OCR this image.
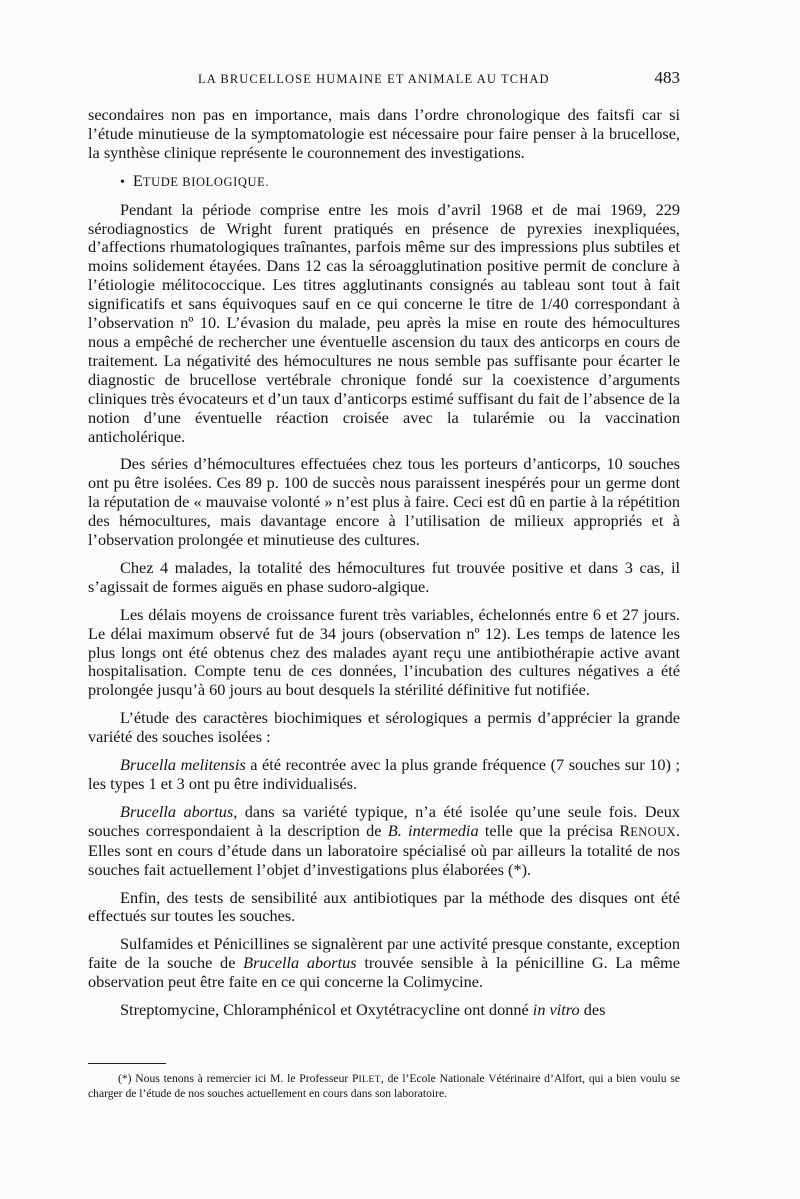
LA BRUCELLOSE HUMAINE ET ANIMALE AU TCHAD	483

secondaires non pas en importance, mais dans l’ordre chronologique des faitsfi car si l’étude minutieuse de la symptomatologie est nécessaire pour faire penser à la brucellose, la synthèse clinique représente le couronnement des investigations.

• ETUDE BIOLOGIQUE.

Pendant la période comprise entre les mois d’avril 1968 et de mai 1969, 229 sérodiagnostics de Wright furent pratiqués en présence de pyrexies inexpliquées, d’affections rhumatologiques traînantes, parfois même sur des impressions plus subtiles et moins solidement étayées. Dans 12 cas la séroagglutination positive permit de conclure à l’étiologie mélitococcique. Les titres agglutinants consignés au tableau sont tout à fait significatifs et sans équivoques sauf en ce qui concerne le titre de 1/40 correspondant à l’observation nº 10. L’évasion du malade, peu après la mise en route des hémocultures nous a empêché de rechercher une éventuelle ascension du taux des anticorps en cours de traitement. La négativité des hémocultures ne nous semble pas suffisante pour écarter le diagnostic de brucellose vertébrale chronique fondé sur la coexistence d’arguments cliniques très évocateurs et d’un taux d’anticorps estimé suffisant du fait de l’absence de la notion d’une éventuelle réaction croisée avec la tularémie ou la vaccination anticholérique.

Des séries d’hémocultures effectuées chez tous les porteurs d’anticorps, 10 souches ont pu être isolées. Ces 89 p. 100 de succès nous paraissent inespérés pour un germe dont la réputation de « mauvaise volonté » n’est plus à faire. Ceci est dû en partie à la répétition des hémocultures, mais davantage encore à l’utilisation de milieux appropriés et à l’observation prolongée et minutieuse des cultures.

Chez 4 malades, la totalité des hémocultures fut trouvée positive et dans 3 cas, il s’agissait de formes aiguës en phase sudoro-algique.

Les délais moyens de croissance furent très variables, échelonnés entre 6 et 27 jours. Le délai maximum observé fut de 34 jours (observation nº 12). Les temps de latence les plus longs ont été obtenus chez des malades ayant reçu une antibiothérapie active avant hospitalisation. Compte tenu de ces données, l’incubation des cultures négatives a été prolongée jusqu’à 60 jours au bout desquels la stérilité définitive fut notifiée.

L’étude des caractères biochimiques et sérologiques a permis d’apprécier la grande variété des souches isolées :

Brucella melitensis a été recontrée avec la plus grande fréquence (7 souches sur 10) ; les types 1 et 3 ont pu être individualisés.

Brucella abortus, dans sa variété typique, n’a été isolée qu’une seule fois. Deux souches correspondaient à la description de B. intermedia telle que la précisa RENOUX. Elles sont en cours d’étude dans un laboratoire spécialisé où par ailleurs la totalité de nos souches fait actuellement l’objet d’investigations plus élaborées (*).

Enfin, des tests de sensibilité aux antibiotiques par la méthode des disques ont été effectués sur toutes les souches.

Sulfamides et Pénicillines se signalèrent par une activité presque constante, exception faite de la souche de Brucella abortus trouvée sensible à la pénicilline G. La même observation peut être faite en ce qui concerne la Colimycine.

Streptomycine, Chloramphénicol et Oxytétracycline ont donné in vitro des

(*) Nous tenons à remercier ici M. le Professeur PILET, de l’Ecole Nationale Vétérinaire d’Alfort, qui a bien voulu se charger de l’étude de nos souches actuellement en cours dans son laboratoire.
